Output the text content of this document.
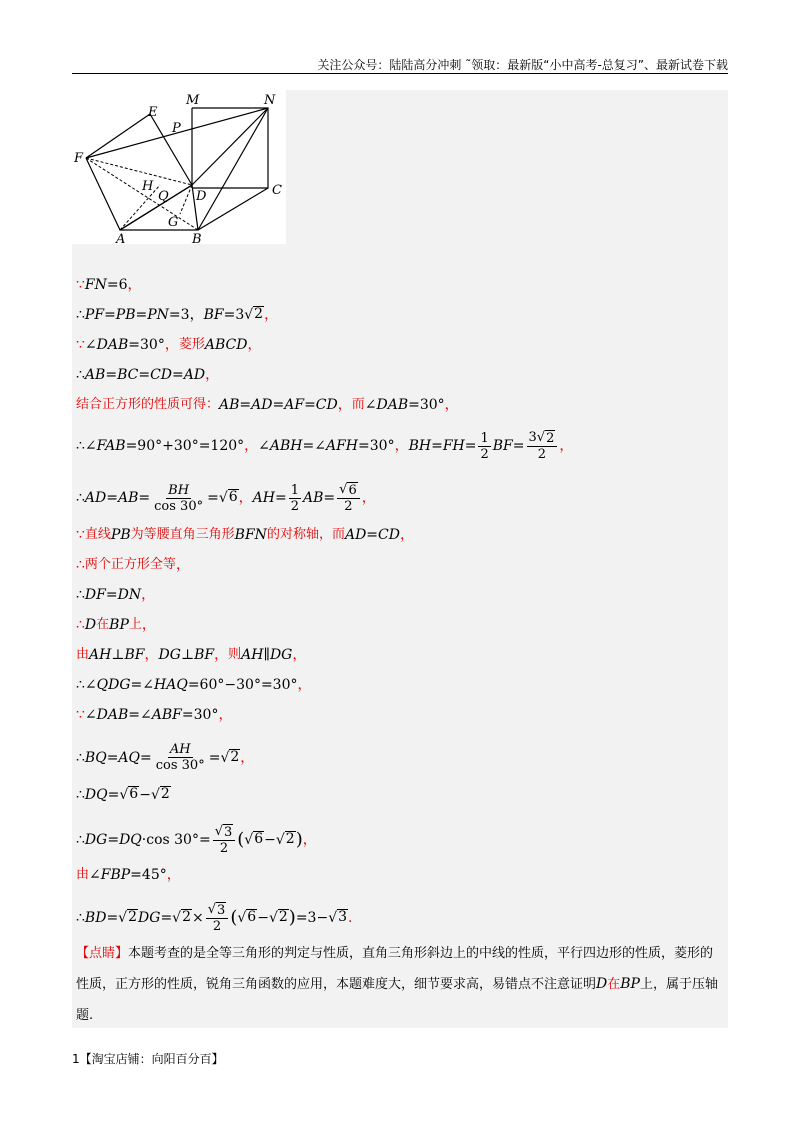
关注公众号：陆陆高分冲刺 ˜领取：最新版“小中高考-总复习”、最新试卷下载
M	N
E
P
F
H
D	C
Q
G
A	B
∵ FN = 6 ，
∴ PF = PB = PN = 3 ， BF = 3 √ 2 ，
∵ ∠ DAB = 30 ° ， 菱形 ABCD ，
∴ AB = BC = CD = AD ，
结合正方形的性质可得： AB = AD = AF = CD ， 而 ∠ DAB = 30 ° ，
∴ ∠ FAB = 90 ° + 30 ° = 120 ° ， ∠ ABH = ∠ AFH = 30 ° ， BH = FH = $\frac{1}{2}$ BF = $\frac{3√ 2}{2}$ ，
∴ AD = AB = $\frac{BH}{\cos 30^\circ}$ = √ 6 ， AH = $\frac{1}{2}$ AB = $\frac{√ 6}{2}$ ，
∵ 直线 PB 为等腰直角三角形 BFN 的对称轴，而 AD = CD ，
∴ 两个正方形全等 ，
∴ DF = DN ，
∴ D 在 BP 上 ，
由 AH ⊥ BF ， DG ⊥ BF ， 则 AH ∥ DG ，
∴ ∠ QDG = ∠ HAQ = 60 ° − 30 ° = 30 ° ，
∵ ∠ DAB = ∠ ABF = 30 ° ，
∴ BQ = AQ = $\frac{AH}{\cos 30^\circ}$ = √ 2 ，
∴ DQ = √ 6 − √ 2
∴ DG = DQ · cos 30 ° = $\frac{√ 3}{2}$ ( √ 6 − √ 2 ) ，
由 ∠ FBP = 45 ° ，
∴ BD = √ 2 DG = √ $2 \times \frac{√ 3}{2}$ ( √ 6 − √ 2 ) = 3 − √ 3 .
【点睛】本题考查的是全等三角形的判定与性质，直角三角形斜边上的中线的性质，平行四边形的性质，菱形的性质，正方形的性质，锐角三角函数的应用，本题难度大，细节要求高，易错点不注意证明D在BP上，属于压轴题.
1【淘宝店铺：向阳百分百】
